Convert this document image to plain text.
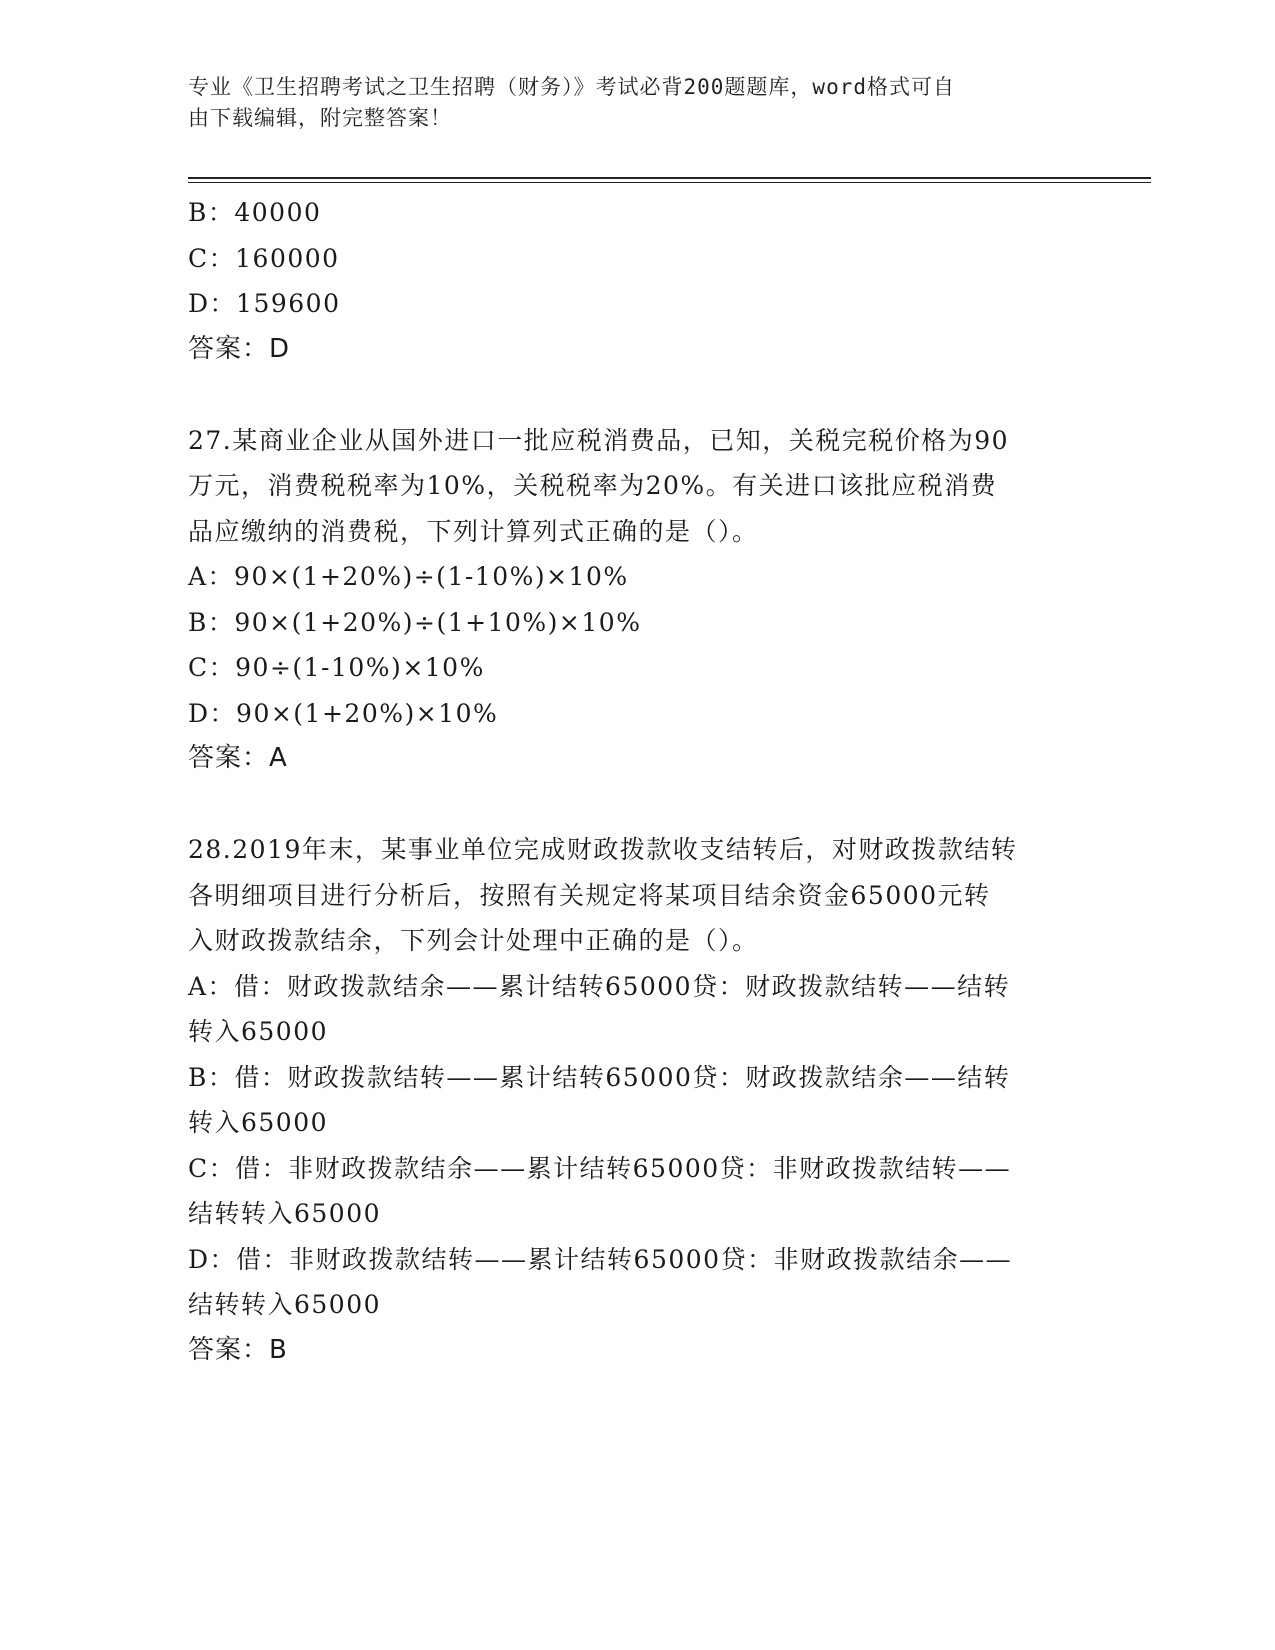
专业《卫生招聘考试之卫生招聘（财务）》考试必背200题题库，word格式可自
由下载编辑，附完整答案！
B：40000
C：160000
D：159600
答案：D
27.某商业企业从国外进口一批应税消费品，已知，关税完税价格为90
万元，消费税税率为10%，关税税率为20%。有关进口该批应税消费
品应缴纳的消费税，下列计算列式正确的是（）。
A：90×(1+20%)÷(1-10%)×10%
B：90×(1+20%)÷(1+10%)×10%
C：90÷(1-10%)×10%
D：90×(1+20%)×10%
答案：A
28.2019年末，某事业单位完成财政拨款收支结转后，对财政拨款结转
各明细项目进行分析后，按照有关规定将某项目结余资金65000元转
入财政拨款结余，下列会计处理中正确的是（）。
A：借：财政拨款结余——累计结转65000贷：财政拨款结转——结转
转入65000
B：借：财政拨款结转——累计结转65000贷：财政拨款结余——结转
转入65000
C：借：非财政拨款结余——累计结转65000贷：非财政拨款结转——
结转转入65000
D：借：非财政拨款结转——累计结转65000贷：非财政拨款结余——
结转转入65000
答案：B
